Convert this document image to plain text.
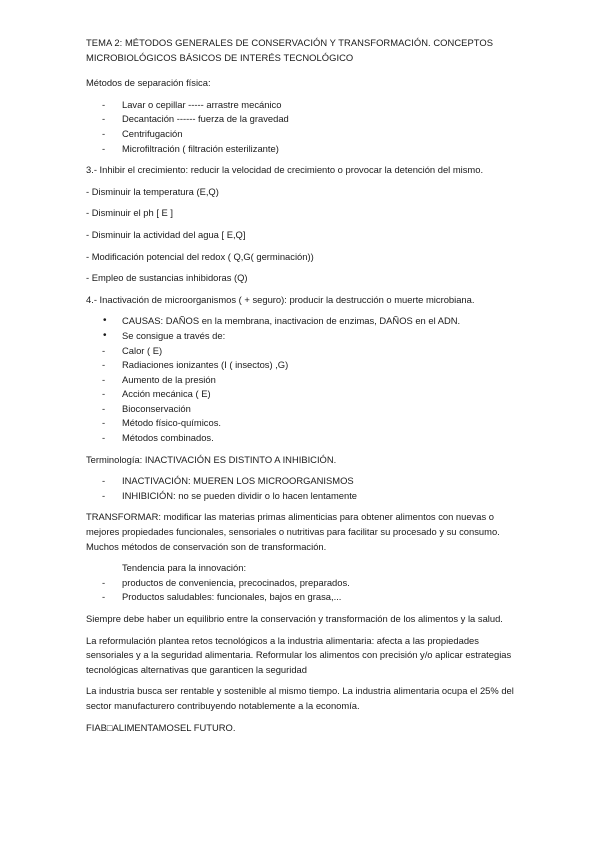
TEMA 2: MÉTODOS GENERALES DE CONSERVACIÓN Y TRANSFORMACIÓN. CONCEPTOS MICROBIOLÓGICOS BÁSICOS DE INTERÉS TECNOLÓGICO

Métodos de separación física:

-	Lavar o cepillar ----- arrastre mecánico
-	Decantación ------ fuerza de la gravedad
-	Centrifugación
-	Microfiltración ( filtración esterilizante)

3.- Inhibir el crecimiento: reducir la velocidad de crecimiento o provocar la detención del mismo.

- Disminuir la temperatura (E,Q)

- Disminuir el ph [ E ]

- Disminuir la actividad del agua [ E,Q]

- Modificación potencial del redox ( Q,G( germinación))

- Empleo de sustancias inhibidoras (Q)

4.- Inactivación de microorganismos ( + seguro): producir la destrucción o muerte microbiana.

•	CAUSAS: DAÑOS en la membrana, inactivacion de enzimas, DAÑOS en el ADN.
•	Se consigue a través de:
-	Calor ( E)
-	Radiaciones ionizantes (I ( insectos) ,G)
-	Aumento de la presión
-	Acción mecánica ( E)
-	Bioconservación
-	Método físico-químicos.
-	Métodos combinados.

Terminología: INACTIVACIÓN ES DISTINTO A INHIBICIÓN.

-	INACTIVACIÓN: MUEREN LOS MICROORGANISMOS
-	INHIBICIÓN: no se pueden dividir o lo hacen lentamente

TRANSFORMAR: modificar las materias primas alimenticias para obtener alimentos con nuevas o mejores propiedades funcionales, sensoriales o nutritivas para facilitar su procesado y su consumo. Muchos métodos de conservación son de transformación.

Tendencia para la innovación:

-	productos de conveniencia, precocinados, preparados.
-	Productos saludables: funcionales, bajos en grasa,...

Siempre debe haber un equilibrio entre la conservación y transformación de los alimentos y la salud.

La reformulación plantea retos tecnológicos a la industria alimentaria: afecta a las propiedades sensoriales y a la seguridad alimentaria. Reformular los alimentos con precisión y/o aplicar estrategias tecnológicas alternativas que garanticen la seguridad

La industria busca ser rentable y sostenible al mismo tiempo. La industria alimentaria ocupa el 25% del sector manufacturero contribuyendo notablemente a la economía.

FIAB□ALIMENTAMOSEL FUTURO.
